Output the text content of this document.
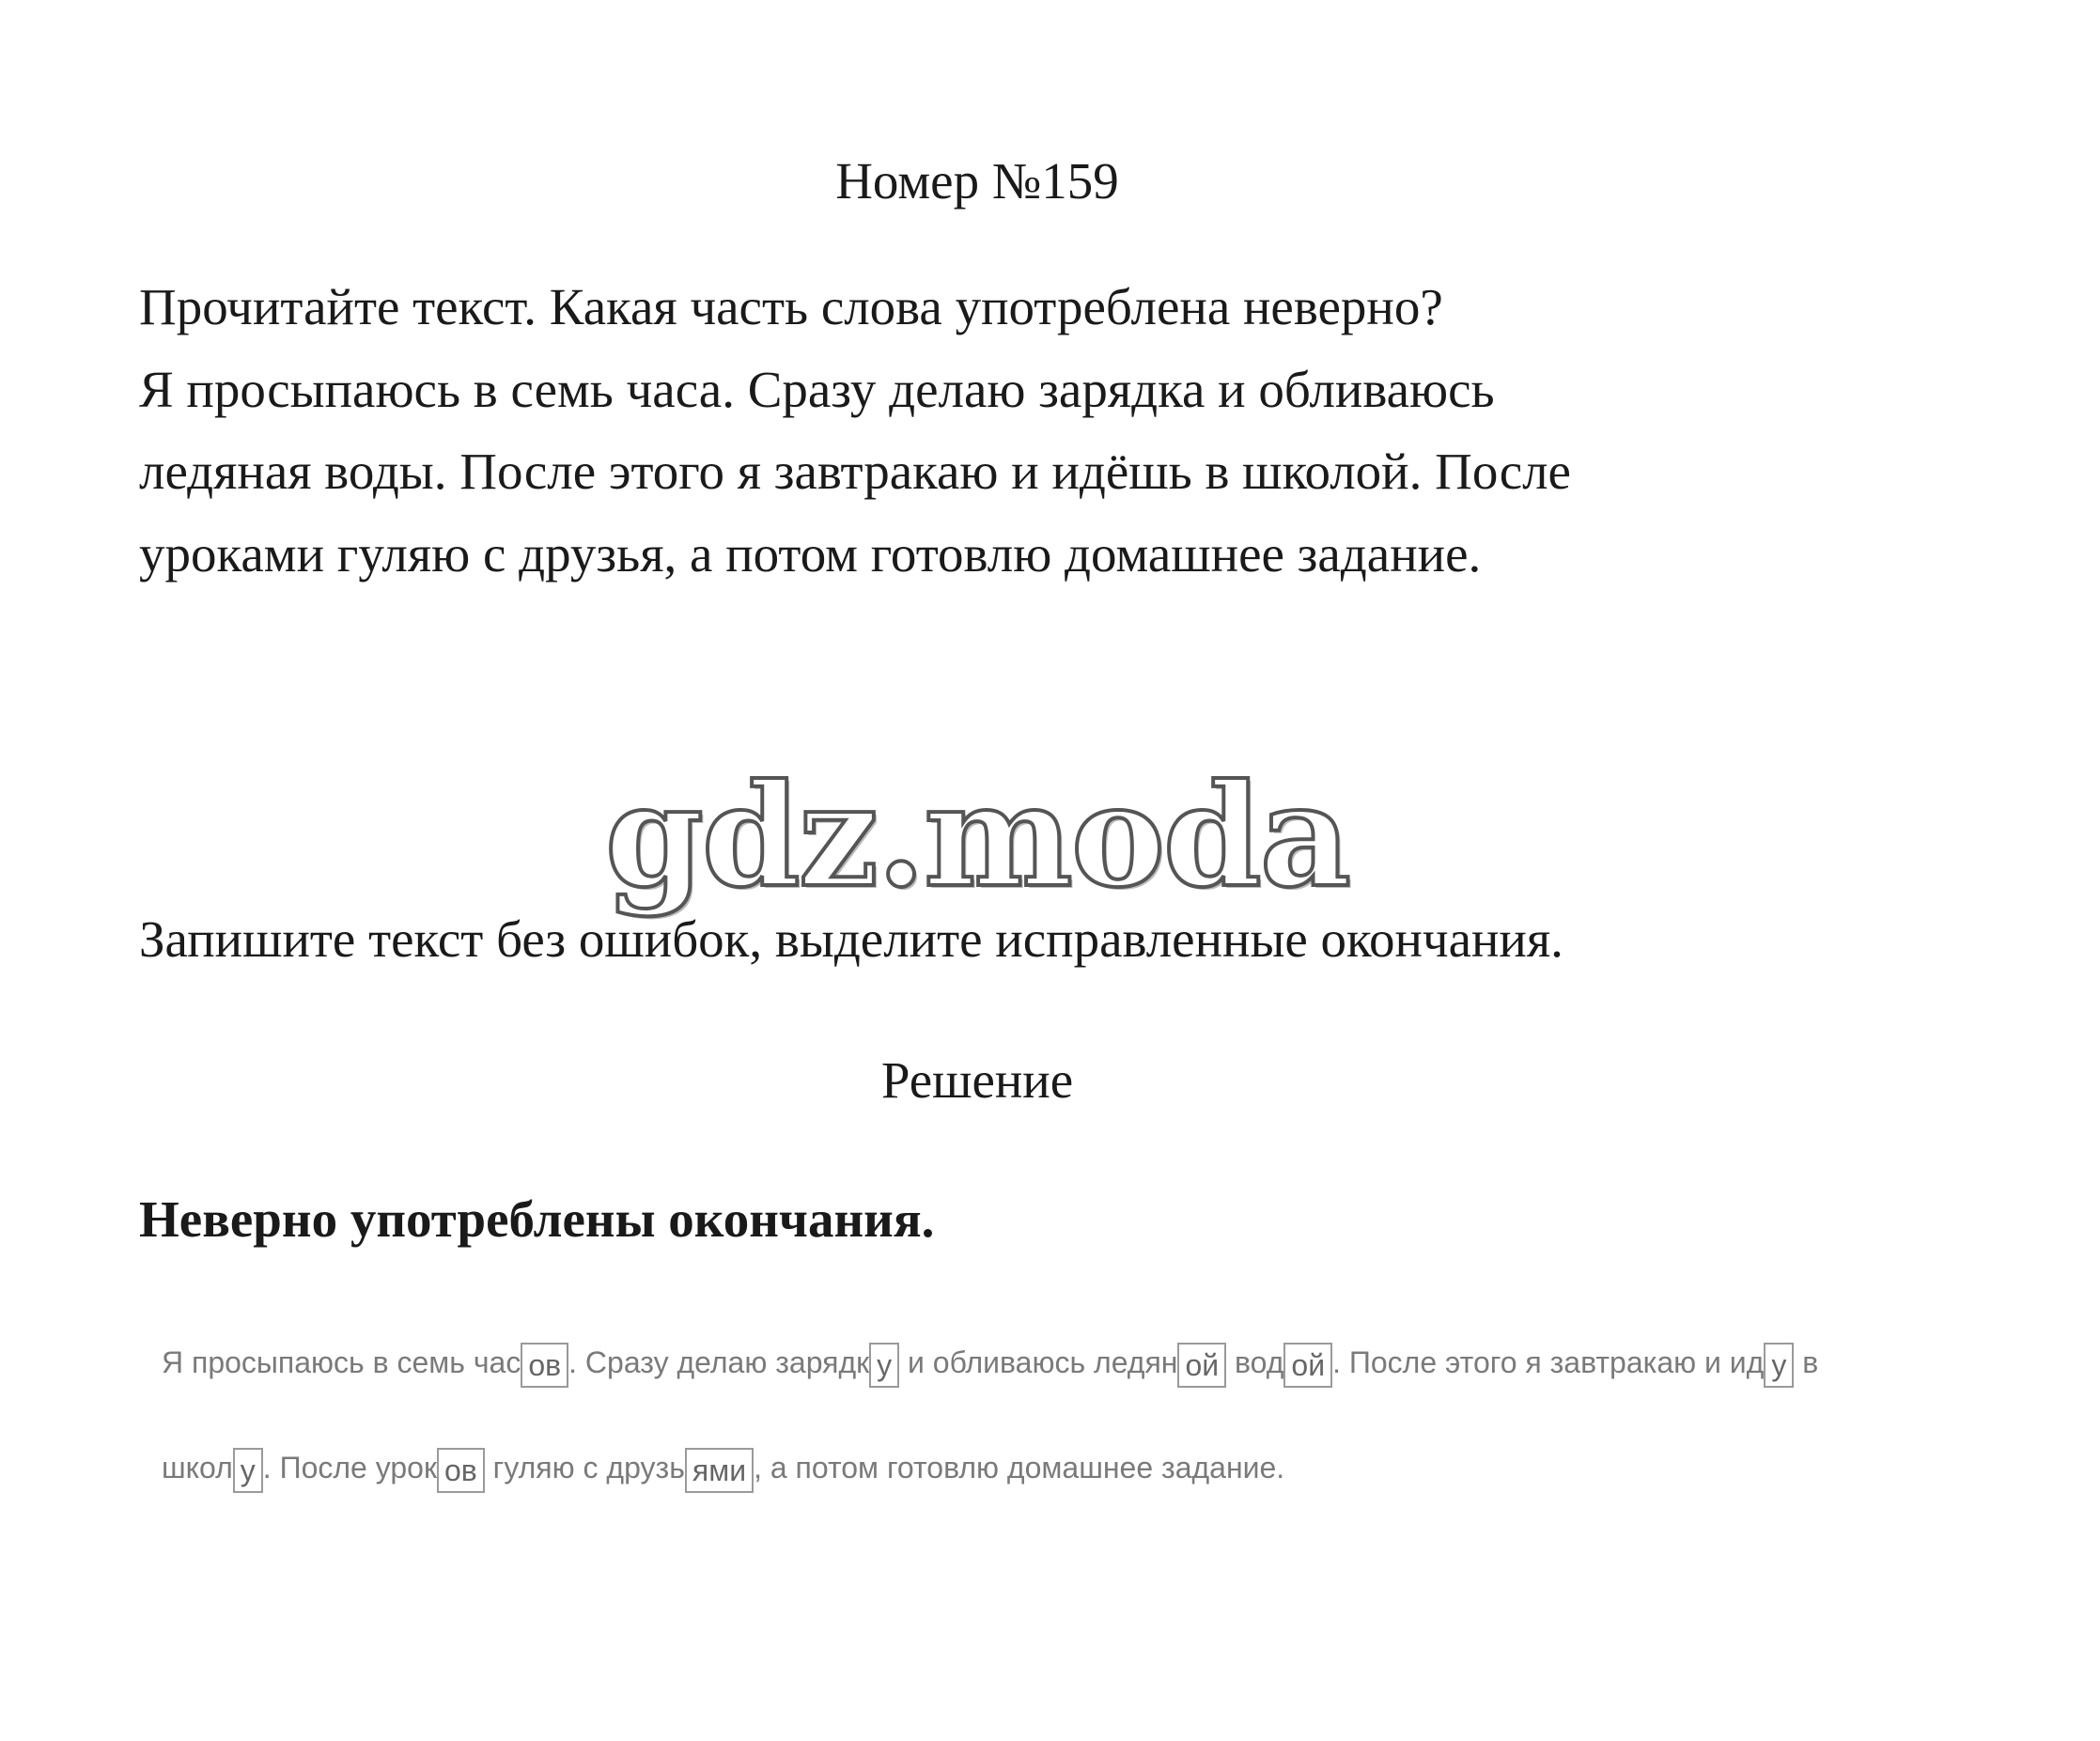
Номер №159
Прочитайте текст. Какая часть слова употреблена неверно?
Я просыпаюсь в семь часа. Сразу делаю зарядка и обливаюсь
ледяная воды. После этого я завтракаю и идёшь в школой. После
уроками гуляю с друзья, а потом готовлю домашнее задание.
gdz.moda
Запишите текст без ошибок, выделите исправленные окончания.
Решение
Неверно употреблены окончания.
Я просыпаюсь в семь час ов . Сразу делаю зарядк у и обливаюсь ледян ой вод ой . После этого я завтракаю и ид у в
школ у . После урок ов гуляю с друзь ями , а потом готовлю домашнее задание.
